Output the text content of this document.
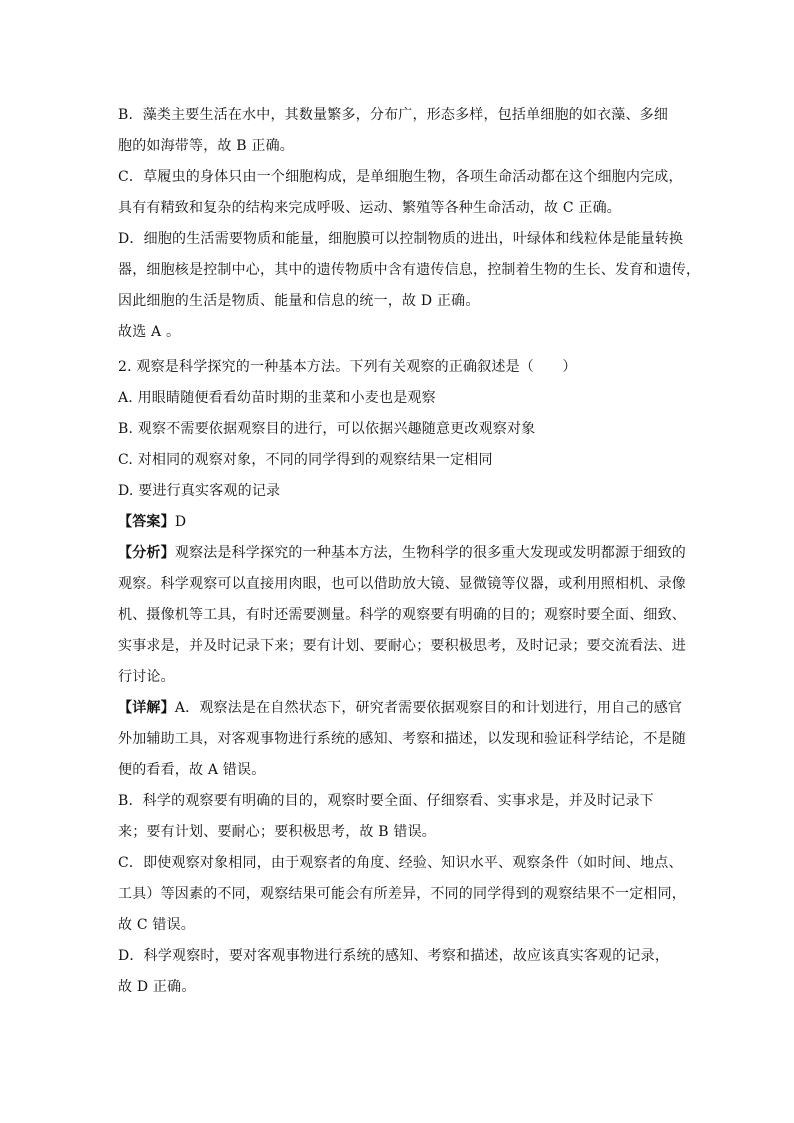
B．藻类主要生活在水中，其数量繁多，分布广，形态多样，包括单细胞的如衣藻、多细
胞的如海带等，故 B 正确。
C．草履虫的身体只由一个细胞构成，是单细胞生物，各项生命活动都在这个细胞内完成，
具有有精致和复杂的结构来完成呼吸、运动、繁殖等各种生命活动，故 C 正确。
D．细胞的生活需要物质和能量，细胞膜可以控制物质的进出，叶绿体和线粒体是能量转换
器，细胞核是控制中心，其中的遗传物质中含有遗传信息，控制着生物的生长、发育和遗传，
因此细胞的生活是物质、能量和信息的统一，故 D 正确。
故选 A 。
2. 观察是科学探究的一种基本方法。下列有关观察的正确叙述是（　　）
A. 用眼睛随便看看幼苗时期的韭菜和小麦也是观察
B. 观察不需要依据观察目的进行，可以依据兴趣随意更改观察对象
C. 对相同的观察对象，不同的同学得到的观察结果一定相同
D. 要进行真实客观的记录
【答案】D
【分析】观察法是科学探究的一种基本方法，生物科学的很多重大发现或发明都源于细致的
观察。科学观察可以直接用肉眼，也可以借助放大镜、显微镜等仪器，或利用照相机、录像
机、摄像机等工具，有时还需要测量。科学的观察要有明确的目的；观察时要全面、细致、
实事求是，并及时记录下来；要有计划、要耐心；要积极思考，及时记录；要交流看法、进
行讨论。
【详解】A．观察法是在自然状态下，研究者需要依据观察目的和计划进行，用自己的感官
外加辅助工具，对客观事物进行系统的感知、考察和描述，以发现和验证科学结论，不是随
便的看看，故 A 错误。
B．科学的观察要有明确的目的，观察时要全面、仔细察看、实事求是，并及时记录下
来；要有计划、要耐心；要积极思考，故 B 错误。
C．即使观察对象相同，由于观察者的角度、经验、知识水平、观察条件（如时间、地点、
工具）等因素的不同，观察结果可能会有所差异，不同的同学得到的观察结果不一定相同，
故 C 错误。
D．科学观察时，要对客观事物进行系统的感知、考察和描述，故应该真实客观的记录，
故 D 正确。
